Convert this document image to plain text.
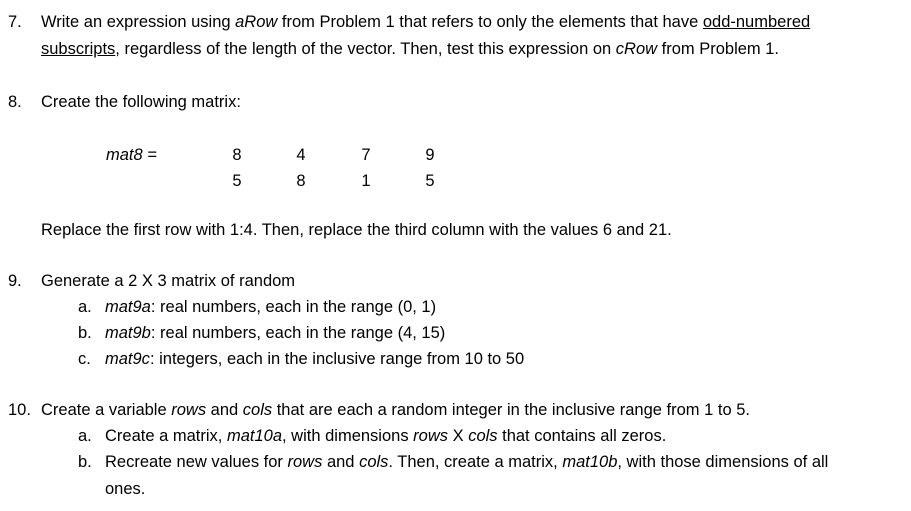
7. Write an expression using aRow from Problem 1 that refers to only the elements that have odd-numbered
subscripts, regardless of the length of the vector. Then, test this expression on cRow from Problem 1.
8. Create the following matrix:
mat8 =	8	4	7	9
5	8	1	5
Replace the first row with 1:4. Then, replace the third column with the values 6 and 21.
9. Generate a 2 X 3 matrix of random
a. mat9a: real numbers, each in the range (0, 1)
b. mat9b: real numbers, each in the range (4, 15)
c. mat9c: integers, each in the inclusive range from 10 to 50
10. Create a variable rows and cols that are each a random integer in the inclusive range from 1 to 5.
a. Create a matrix, mat10a, with dimensions rows X cols that contains all zeros.
b. Recreate new values for rows and cols. Then, create a matrix, mat10b, with those dimensions of all
ones.
